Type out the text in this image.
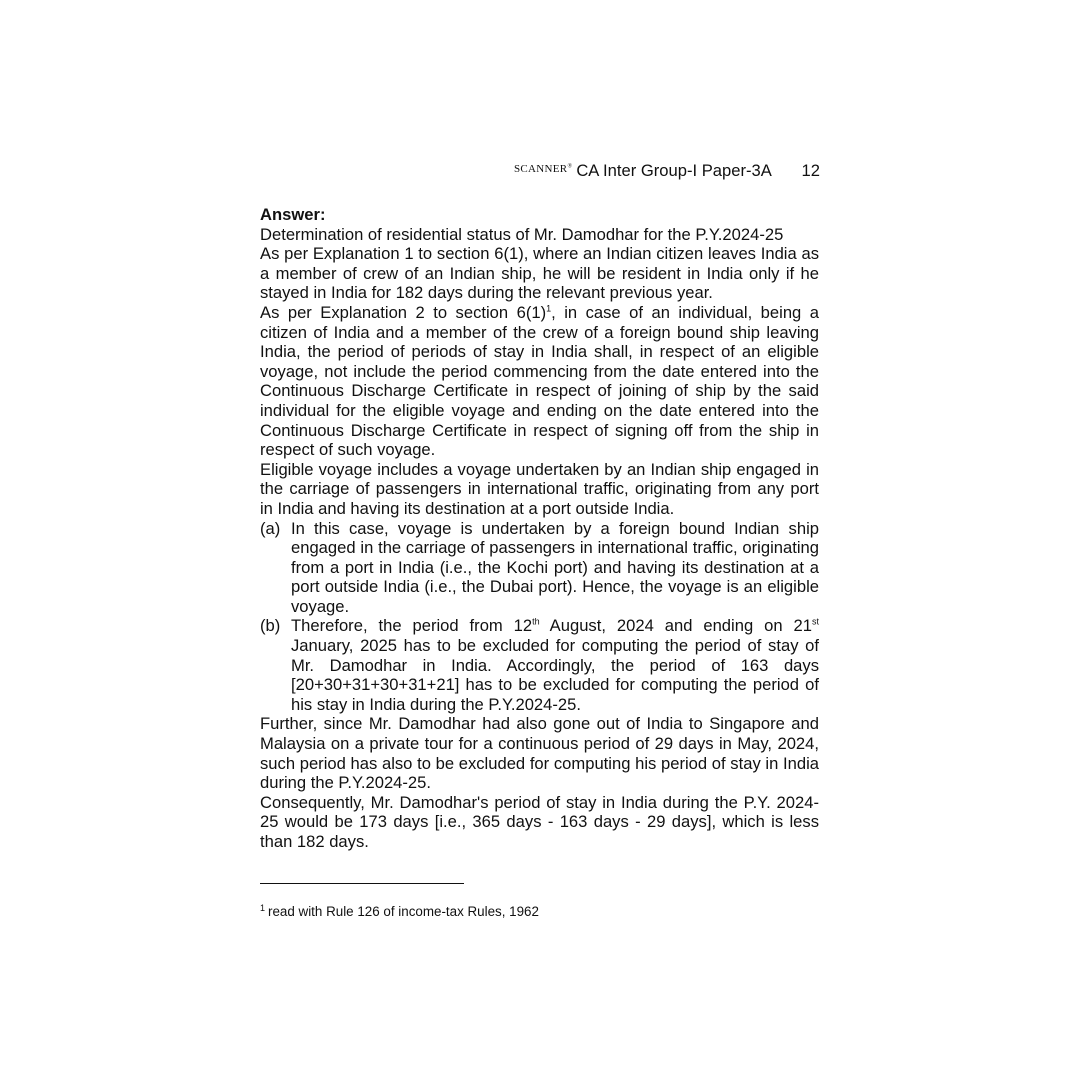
SCANNER® CA Inter Group-I Paper-3A 12

Answer:

Determination of residential status of Mr. Damodhar for the P.Y.2024-25

As per Explanation 1 to section 6(1), where an Indian citizen leaves India as a member of crew of an Indian ship, he will be resident in India only if he stayed in India for 182 days during the relevant previous year.

As per Explanation 2 to section $6(1)^1$, in case of an individual, being a citizen of India and a member of the crew of a foreign bound ship leaving India, the period of periods of stay in India shall, in respect of an eligible voyage, not include the period commencing from the date entered into the Continuous Discharge Certificate in respect of joining of ship by the said individual for the eligible voyage and ending on the date entered into the Continuous Discharge Certificate in respect of signing off from the ship in respect of such voyage.

Eligible voyage includes a voyage undertaken by an Indian ship engaged in the carriage of passengers in international traffic, originating from any port in India and having its destination at a port outside India.

(a) In this case, voyage is undertaken by a foreign bound Indian ship engaged in the carriage of passengers in international traffic, originating from a port in India (i.e., the Kochi port) and having its destination at a port outside India (i.e., the Dubai port). Hence, the voyage is an eligible voyage.
(b) Therefore, the period from 12th August, 2024 and ending on 21st January, 2025 has to be excluded for computing the period of stay of Mr. Damodhar in India. Accordingly, the period of 163 days [20+30+31+30+31+21] has to be excluded for computing the period of his stay in India during the P.Y.2024-25.

Further, since Mr. Damodhar had also gone out of India to Singapore and Malaysia on a private tour for a continuous period of 29 days in May, 2024, such period has also to be excluded for computing his period of stay in India during the P.Y.2024-25.

Consequently, Mr. Damodhar's period of stay in India during the P.Y. 2024-25 would be 173 days [i.e., 365 days - 163 days - 29 days], which is less than 182 days.

$^1$ read with Rule 126 of income-tax Rules, 1962
